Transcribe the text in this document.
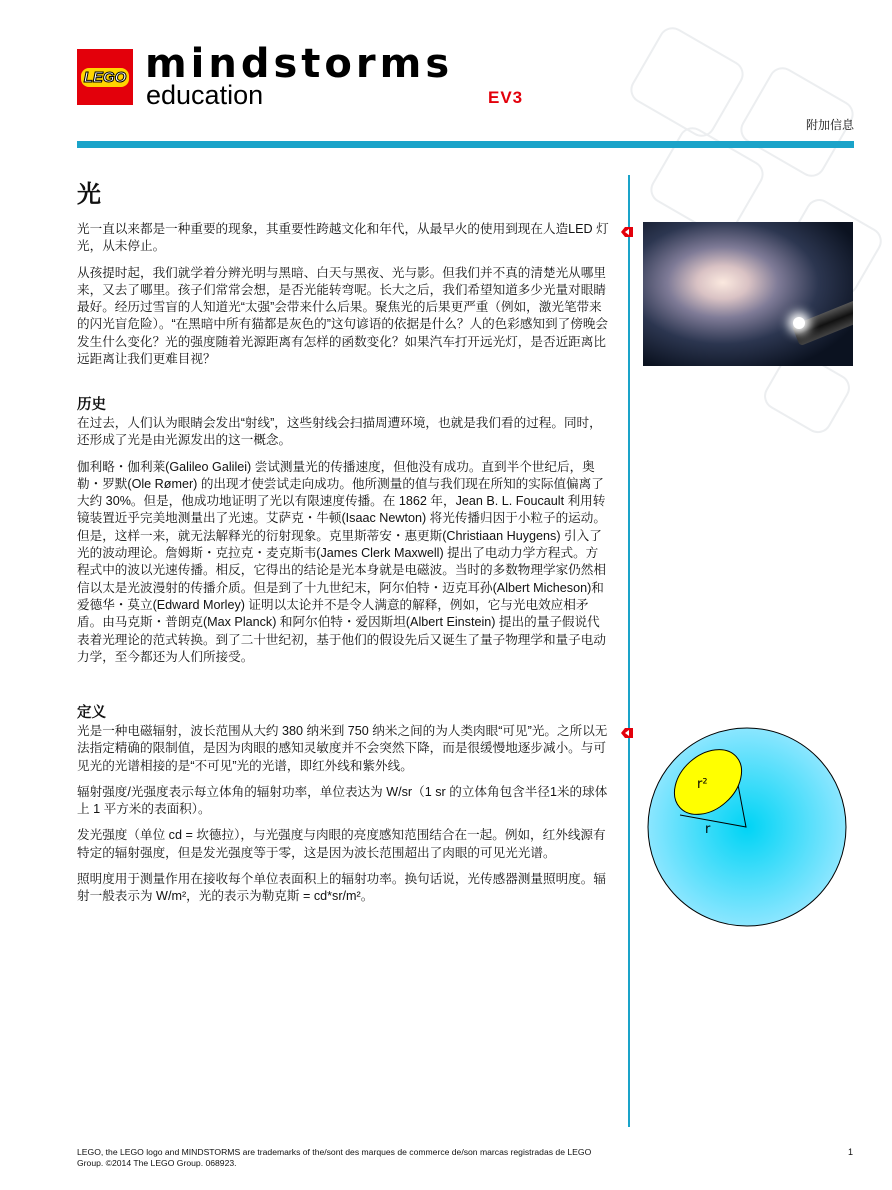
LEGO mindstorms
education	EV3
附加信息
光

光一直以来都是一种重要的现象，其重要性跨越文化和年代，从最早火的使用到现在人造LED 灯光，从未停止。

从孩提时起，我们就学着分辨光明与黑暗、白天与黑夜、光与影。但我们并不真的清楚光从哪里来，又去了哪里。孩子们常常会想，是否光能转弯呢。长大之后，我们希望知道多少光量对眼睛最好。经历过雪盲的人知道光“太强”会带来什么后果。聚焦光的后果更严重（例如，激光笔带来的闪光盲危险）。“在黑暗中所有猫都是灰色的”这句谚语的依据是什么？人的色彩感知到了傍晚会发生什么变化？光的强度随着光源距离有怎样的函数变化？如果汽车打开远光灯，是否近距离比远距离让我们更难目视？

历史

在过去，人们认为眼睛会发出“射线”，这些射线会扫描周遭环境，也就是我们看的过程。同时，还形成了光是由光源发出的这一概念。

伽利略・伽利莱(Galileo Galilei) 尝试测量光的传播速度，但他没有成功。直到半个世纪后，奥勒・罗默(Ole Rømer) 的出现才使尝试走向成功。他所测量的值与我们现在所知的实际值偏离了大约 30%。但是，他成功地证明了光以有限速度传播。在 1862 年，Jean B. L. Foucault 利用转镜装置近乎完美地测量出了光速。艾萨克・牛顿(Isaac Newton) 将光传播归因于小粒子的运动。但是，这样一来，就无法解释光的衍射现象。克里斯蒂安・惠更斯(Christiaan Huygens) 引入了光的波动理论。詹姆斯・克拉克・麦克斯韦(James Clerk Maxwell) 提出了电动力学方程式。方程式中的波以光速传播。相反，它得出的结论是光本身就是电磁波。当时的多数物理学家仍然相信以太是光波漫射的传播介质。但是到了十九世纪末，阿尔伯特・迈克耳孙(Albert Micheson)和爱德华・莫立(Edward Morley) 证明以太论并不是令人满意的解释，例如，它与光电效应相矛盾。由马克斯・普朗克(Max Planck) 和阿尔伯特・爱因斯坦(Albert Einstein) 提出的量子假说代表着光理论的范式转换。到了二十世纪初，基于他们的假设先后又诞生了量子物理学和量子电动力学，至今都还为人们所接受。

定义

光是一种电磁辐射，波长范围从大约 380 纳米到 750 纳米之间的为人类肉眼“可见”光。之所以无法指定精确的限制值，是因为肉眼的感知灵敏度并不会突然下降，而是很缓慢地逐步减小。与可见光的光谱相接的是“不可见”光的光谱，即红外线和紫外线。

辐射强度/光强度表示每立体角的辐射功率，单位表达为 W/sr（1 sr 的立体角包含半径1米的球体上 1 平方米的表面积）。

发光强度（单位 cd = 坎德拉），与光强度与肉眼的亮度感知范围结合在一起。例如，红外线源有特定的辐射强度，但是发光强度等于零，这是因为波长范围超出了肉眼的可见光光谱。

照明度用于测量作用在接收每个单位表面积上的辐射功率。换句话说，光传感器测量照明度。辐射一般表示为 W/m²，光的表示为勒克斯 = cd*sr/m²。

r²
r
LEGO, the LEGO logo and MINDSTORMS are trademarks of the/sont des marques de commerce de/son marcas registradas de LEGO Group. ©2014 The LEGO Group. 068923.
1
